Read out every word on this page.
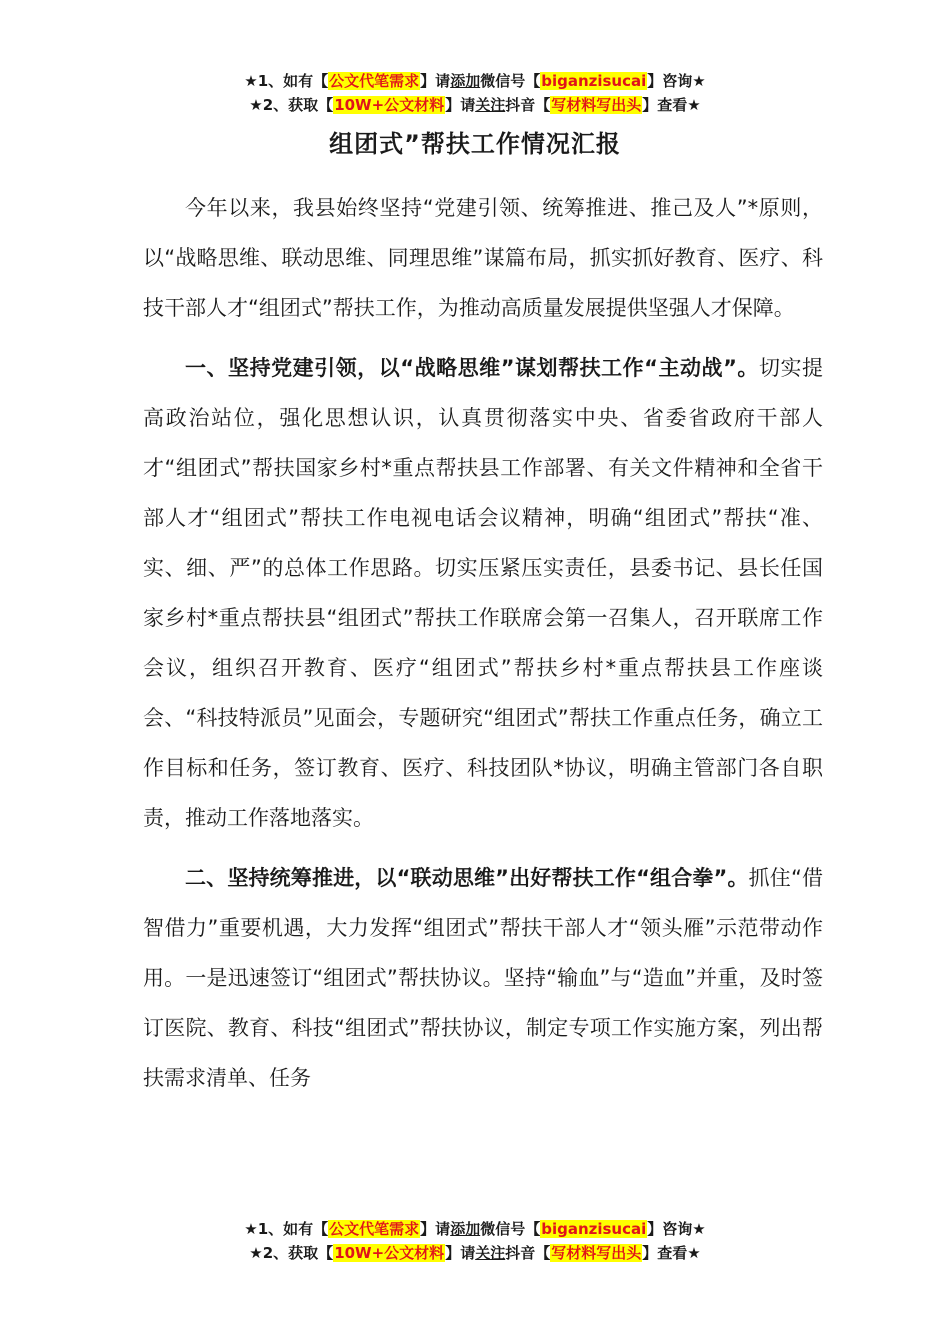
★1、如有【公文代笔需求】请添加微信号【biganzisucai】咨询★
★2、获取【10W+公文材料】请关注抖音【写材料写出头】查看★
组团式”帮扶工作情况汇报

今年以来，我县始终坚持“党建引领、统筹推进、推己及人”*原则，以“战略思维、联动思维、同理思维”谋篇布局，抓实抓好教育、医疗、科技干部人才“组团式”帮扶工作，为推动高质量发展提供坚强人才保障。

一、坚持党建引领，以“战略思维”谋划帮扶工作“主动战”。切实提高政治站位，强化思想认识，认真贯彻落实中央、省委省政府干部人才“组团式”帮扶国家乡村*重点帮扶县工作部署、有关文件精神和全省干部人才“组团式”帮扶工作电视电话会议精神，明确“组团式”帮扶“准、实、细、严”的总体工作思路。切实压紧压实责任，县委书记、县长任国家乡村*重点帮扶县“组团式”帮扶工作联席会第一召集人，召开联席工作会议，组织召开教育、医疗“组团式”帮扶乡村*重点帮扶县工作座谈会、“科技特派员”见面会，专题研究“组团式”帮扶工作重点任务，确立工作目标和任务，签订教育、医疗、科技团队*协议，明确主管部门各自职责，推动工作落地落实。

二、坚持统筹推进，以“联动思维”出好帮扶工作“组合拳”。抓住“借智借力”重要机遇，大力发挥“组团式”帮扶干部人才“领头雁”示范带动作用。一是迅速签订“组团式”帮扶协议。坚持“输血”与“造血”并重，及时签订医院、教育、科技“组团式”帮扶协议，制定专项工作实施方案，列出帮扶需求清单、任务

★1、如有【公文代笔需求】请添加微信号【biganzisucai】咨询★
★2、获取【10W+公文材料】请关注抖音【写材料写出头】查看★
